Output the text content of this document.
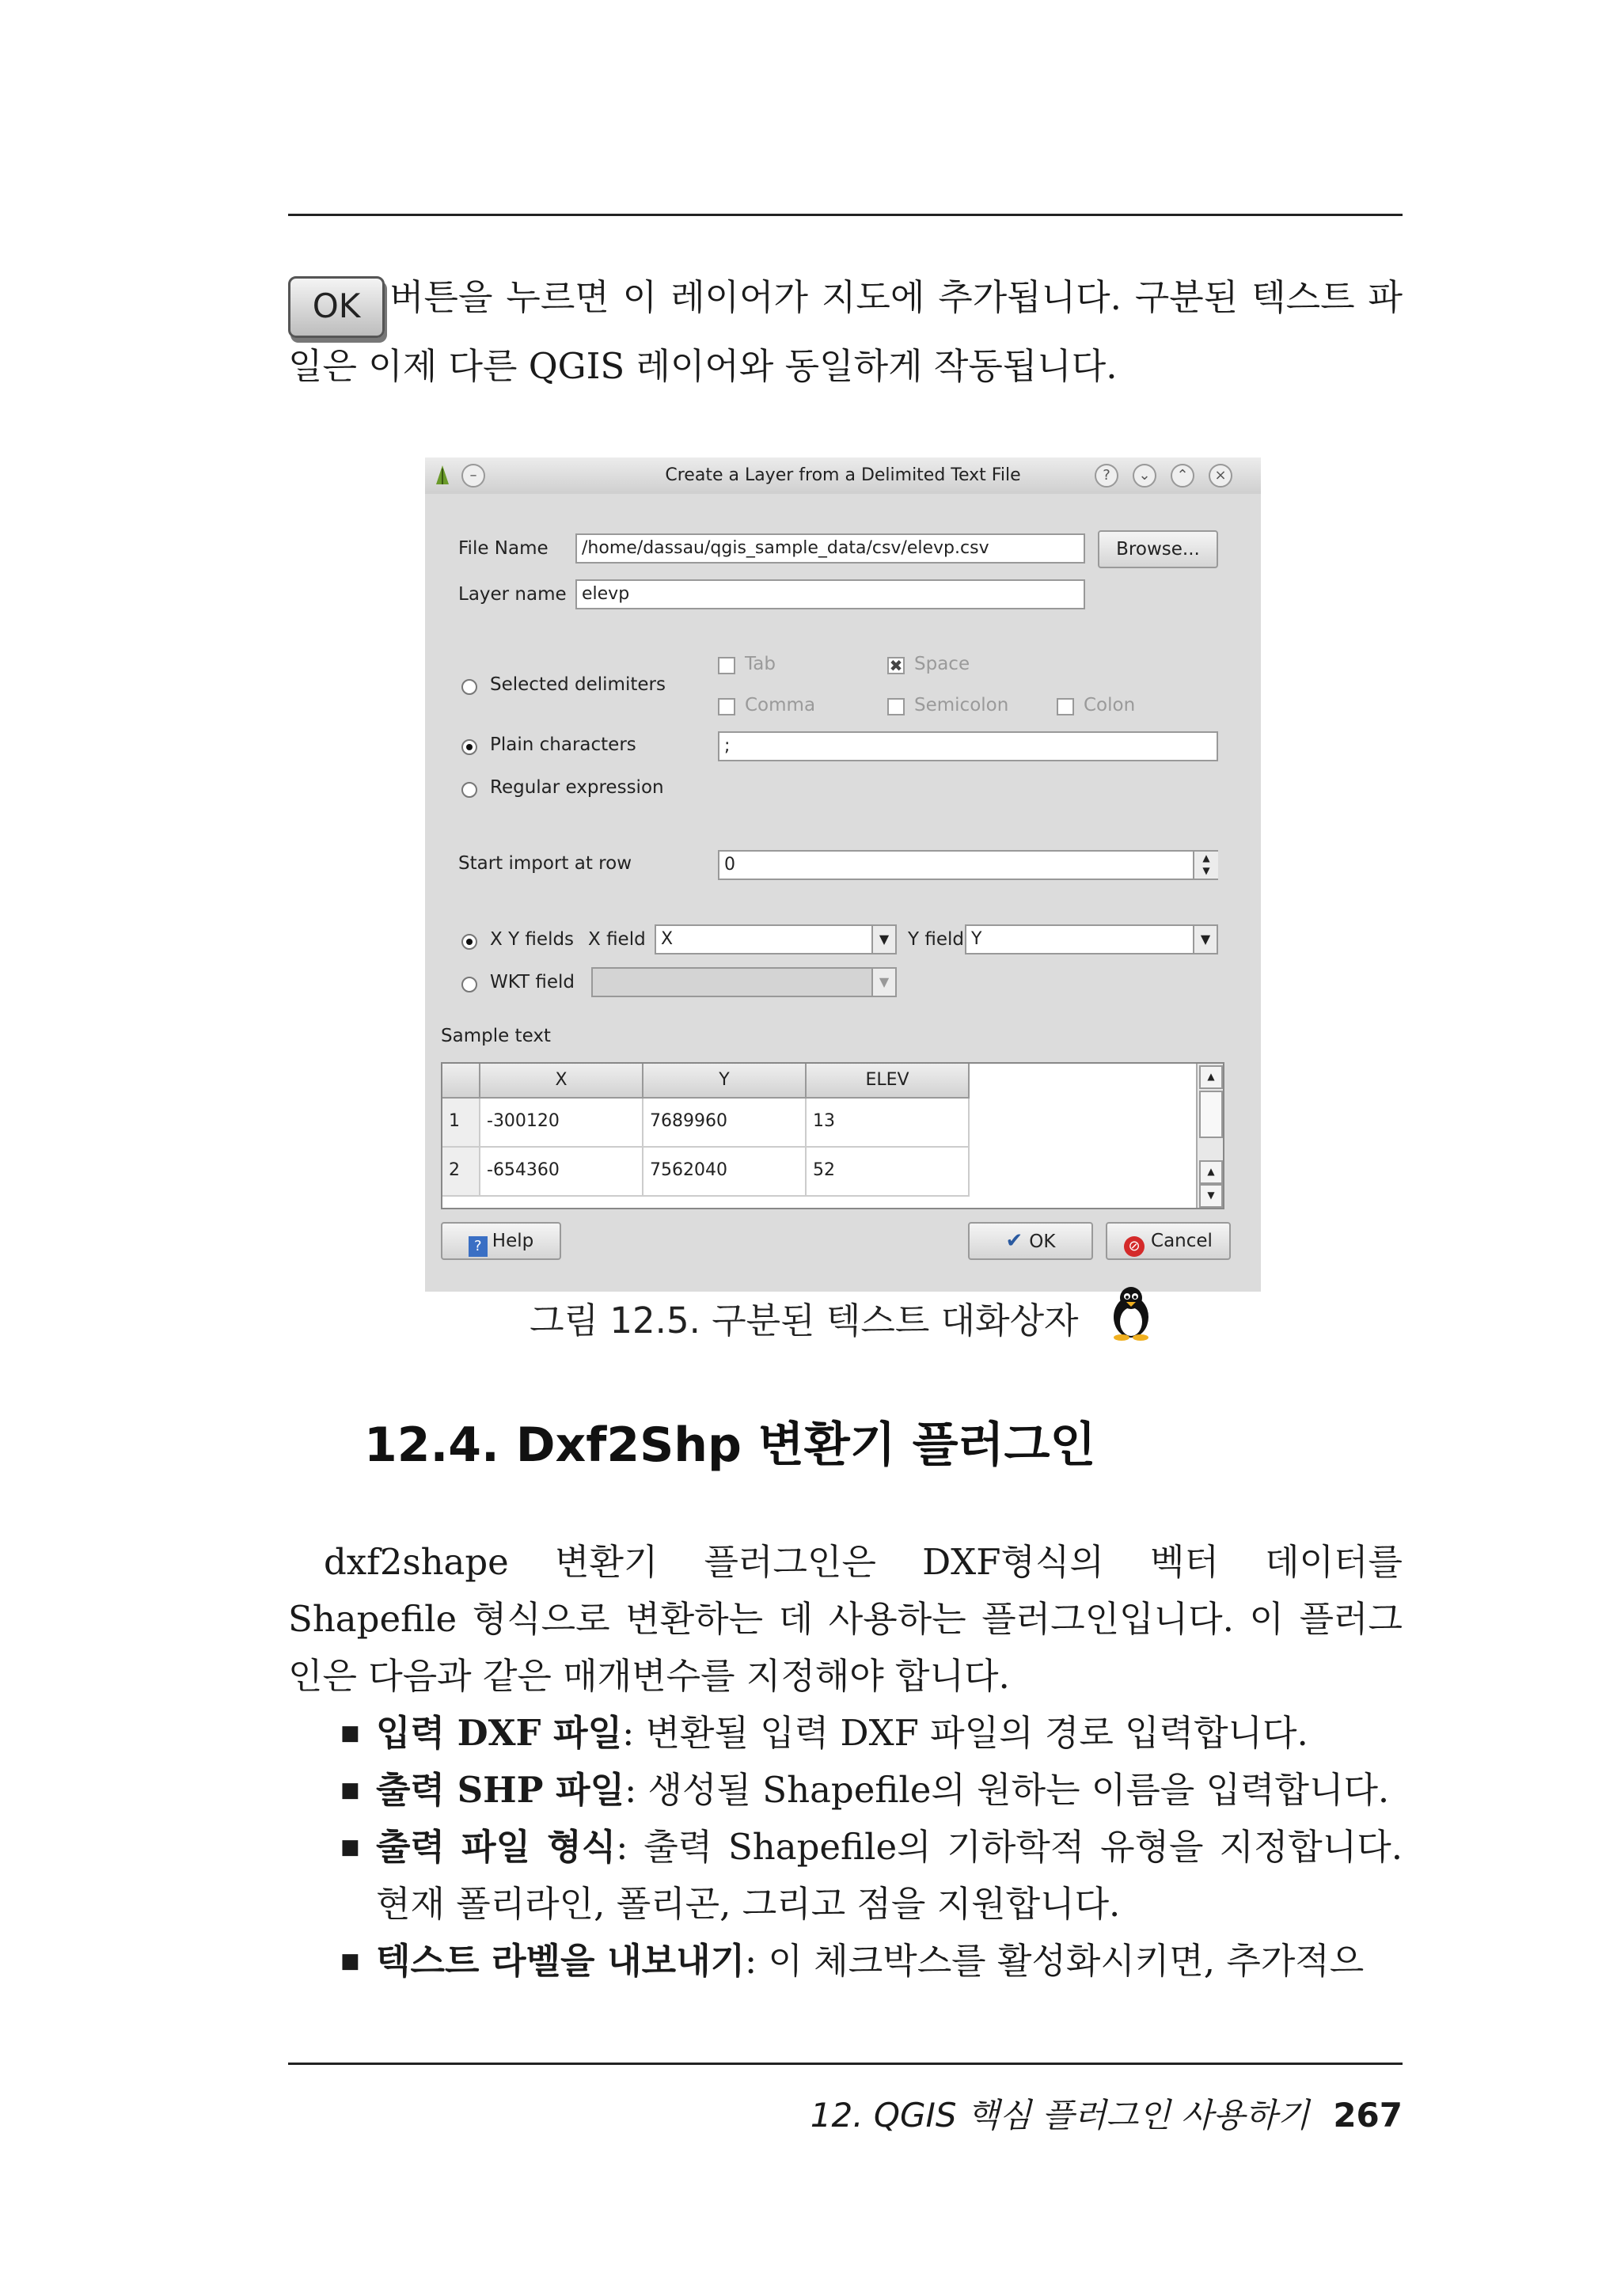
OK 버튼을 누르면 이 레이어가 지도에 추가됩니다. 구분된 텍스트 파일은 이제 다른 QGIS 레이어와 동일하게 작동됩니다.
–	Create a Layer from a Delimited Text File	?	⌄	⌃	×
File Name	/home/dassau/qgis_sample_data/csv/elevp.csv	Browse...
Layer name elevp
Selected delimiters
Tab	✖ Space
Comma	Semicolon	Colon
Plain characters	;
Regular expression
Start import at row	0	▲
▼
X Y fields X field X	▼	Y field Y	▼
WKT field	▼
Sample text
X	Y	ELEV
1	-300120	7689960	13
2	-654360	7562040	52
▲
▲
▼
? Help	✔ OK	⊘ Cancel
그림 12.5. 구분된 텍스트 대화상자
12.4. Dxf2Shp 변환기 플러그인
dxf2shape 변환기 플러그인은 DXF형식의 벡터 데이터를 Shapefile 형식으로 변환하는 데 사용하는 플러그인입니다. 이 플러그인은 다음과 같은 매개변수를 지정해야 합니다.
■ 입력 DXF 파일: 변환될 입력 DXF 파일의 경로 입력합니다.
■ 출력 SHP 파일: 생성될 Shapefile의 원하는 이름을 입력합니다.
■ 출력 파일 형식: 출력 Shapefile의 기하학적 유형을 지정합니다. 현재 폴리라인, 폴리곤, 그리고 점을 지원합니다.
■ 텍스트 라벨을 내보내기: 이 체크박스를 활성화시키면, 추가적으
12. QGIS 핵심 플러그인 사용하기 267
